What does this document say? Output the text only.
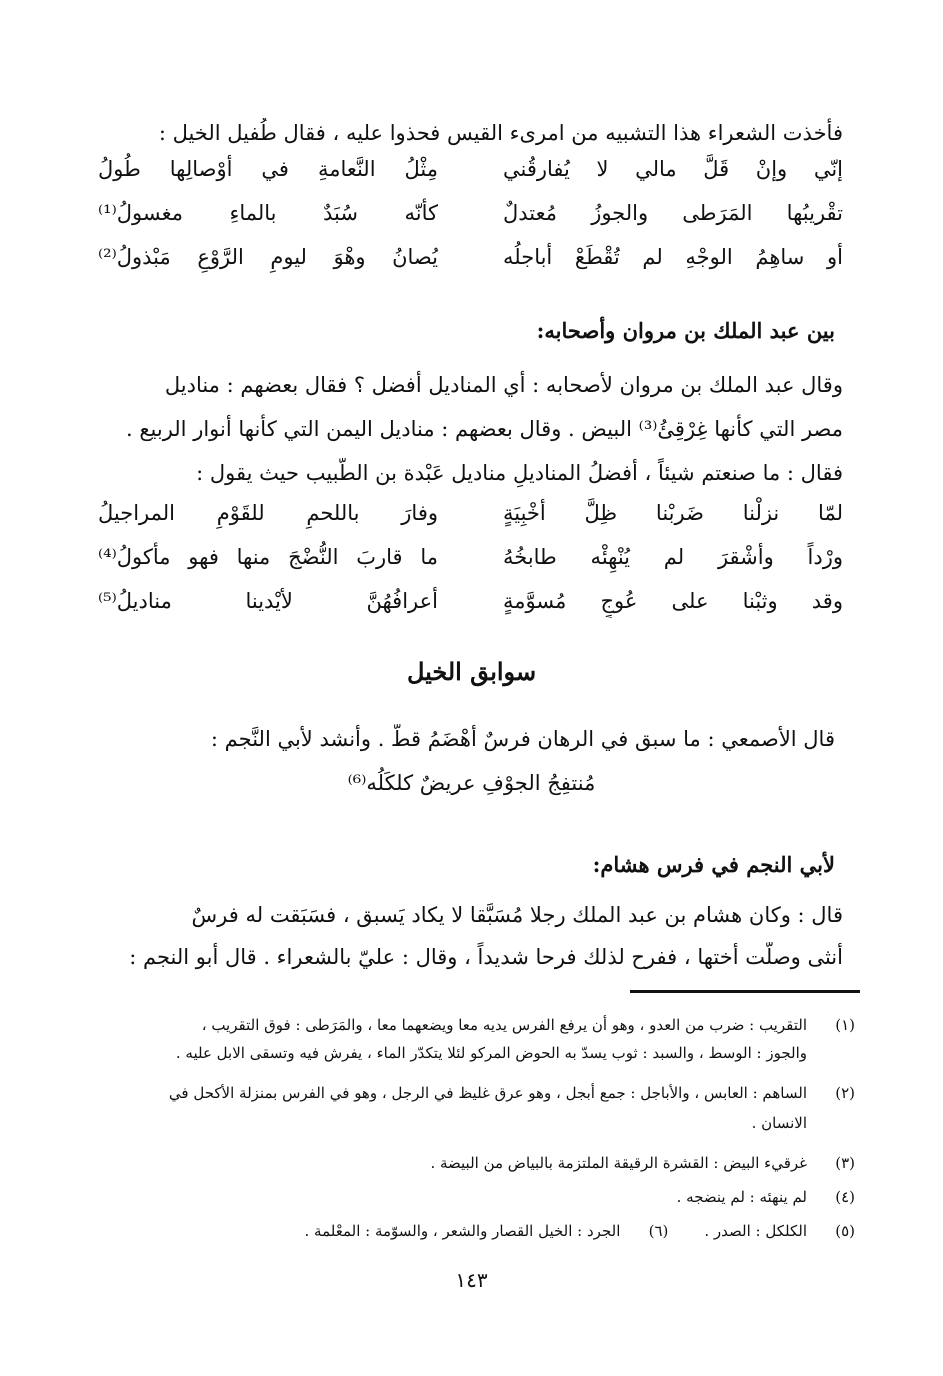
فأخذت الشعراء هذا التشبيه من امرىء القيس فحذوا عليه ، فقال طُفيل الخيل :
إنّي وإنْ قَلَّ مالي لا يُفارقُني
مِثْلُ النَّعامةِ في أوْصالِها طُولُ
تقْريبُها المَرَطى والجوزُ مُعتدلٌ
كأنّه سُبَدٌ بالماءِ مغسولُ⁽¹⁾
أو ساهِمُ الوجْهِ لم تُقْطَعْ أباجلُه
يُصانُ وهْوَ ليومِ الرَّوْعِ مَبْذولُ⁽²⁾
بين عبد الملك بن مروان وأصحابه:
وقال عبد الملك بن مروان لأصحابه : أي المناديل أفضل ؟ فقال بعضهم : مناديل
مصر التي كأنها غِرْقِئُ⁽³⁾ البيض . وقال بعضهم : مناديل اليمن التي كأنها أنوار الربيع .
فقال : ما صنعتم شيئاً ، أفضلُ المناديلِ مناديل عَبْدة بن الطَّبيب حيث يقول :
لمّا نزلْنا ضَربْنا ظِلَّ أخْبِيَةٍ
وفارَ باللحمِ للقَوْمِ المراجيلُ
ورْداً وأشْقرَ لم يُنْهِئْه طابخُهُ
ما قاربَ النُّضْجَ منها فهو مأكولُ⁽⁴⁾
وقد وثبْنا على عُوجٍ مُسوَّمةٍ
أعرافُهُنَّ لأيْدينا مناديلُ⁽⁵⁾
سوابق الخيل
قال الأصمعي : ما سبق في الرهان فرسٌ أهْضَمُ قطُّ . وأنشد لأبي النَّجم :
مُنتفِجُ الجوْفِ عريضٌ كلكَلُه⁽⁶⁾
لأبي النجم في فرس هشام:
قال : وكان هشام بن عبد الملك رجلا مُسَبَّقا لا يكاد يَسبق ، فسَبَقت له فرسٌ
أنثى وصلّت أختها ، ففرح لذلك فرحا شديداً ، وقال : عليّ بالشعراء . قال أبو النجم :
(١)التقريب : ضرب من العدو ، وهو أن يرفع الفرس يديه معا ويضعهما معا ، والمَرَطى : فوق التقريب ،
والجوز : الوسط ، والسبد : ثوب يسدّ به الحوض المركو لئلا يتكدّر الماء ، يفرش فيه وتسقى الابل عليه .
(٢)الساهم : العابس ، والأباجل : جمع أبجل ، وهو عرق غليظ في الرجل ، وهو في الفرس بمنزلة الأكحل في
الانسان .
(٣)غرقيء البيض : القشرة الرقيقة الملتزمة بالبياض من البيضة .
(٤)لم ينهئه : لم ينضجه .
(٥)الكلكل : الصدر .(٦)الجرد : الخيل القصار والشعر ، والسوّمة : المعْلمة .
١٤٣
